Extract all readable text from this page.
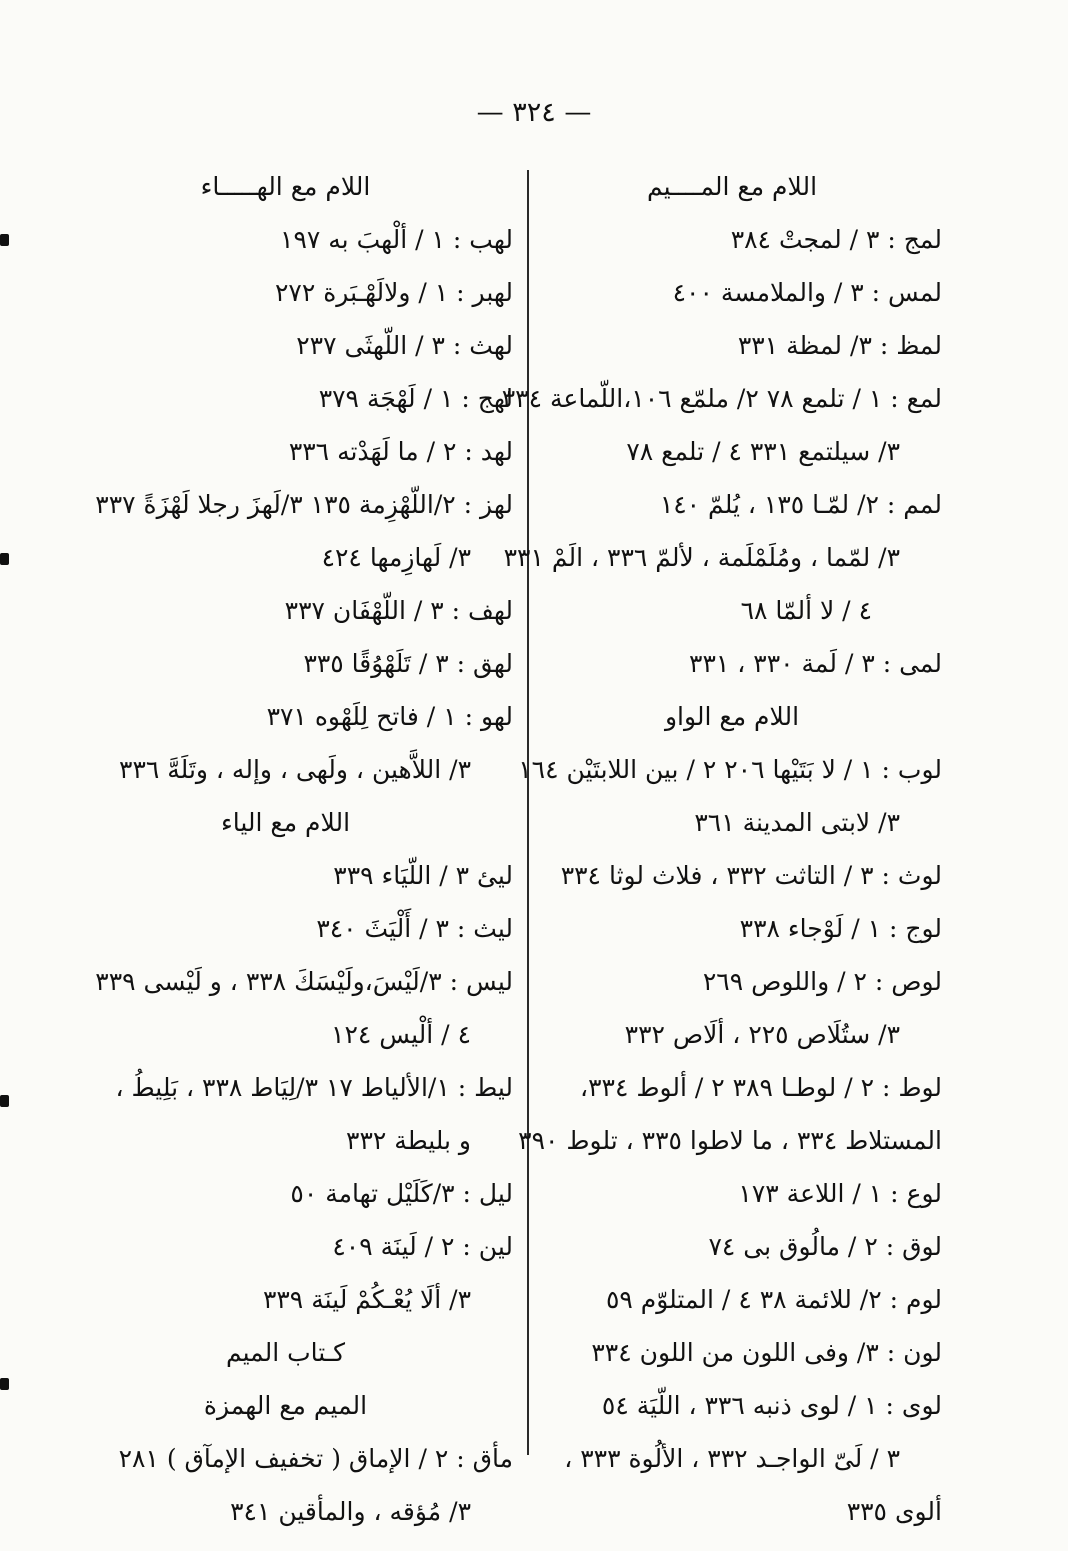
— ٣٢٤ —
اللام مع المــــيم
لمج : ٣ / لمجتْ ٣٨٤
لمس : ٣ / والملامسة ٤٠٠
لمظ : ٣/ لمظة ٣٣١
لمع : ١ / تلمع ٧٨ ٢/ ملمّع ١٠٦،اللّماعة ٣٣٤
٣/ سيلتمع ٣٣١ ٤ / تلمع ٧٨
لمم : ٢/ لمّـا ١٣٥ ، يُلمّ ١٤٠
٣/ لمّما ، ومُلَمْلَمة ، لألمّ ٣٣٦ ، الَمْ ٣٣١
٤ / لا ألمّا ٦٨
لمى : ٣ / لَمة ٣٣٠ ، ٣٣١
اللام مع الواو
لوب : ١ / لا بَتَيْها ٢٠٦ ٢ / بين اللابتَيْن ١٦٤
٣/ لابتى المدينة ٣٦١
لوث : ٣ / التاثت ٣٣٢ ، فلاث لوثا ٣٣٤
لوج : ١ / لَوْجاء ٣٣٨
لوص : ٢ / واللوص ٢٦٩
٣/ ستُلَاص ٢٢٥ ، ألَاص ٣٣٢
لوط : ٢ / لوطـا ٣٨٩ ٢ / ألوط ٣٣٤،
المستلاط ٣٣٤ ، ما لاطوا ٣٣٥ ، تلوط ٣٩٠
لوع : ١ / اللاعة ١٧٣
لوق : ٢ / مالُوق بى ٧٤
لوم : ٢/ للائمة ٣٨ ٤ / المتلوّم ٥٩
لون : ٣/ وفى اللون من اللون ٣٣٤
لوى : ١ / لوى ذنبه ٣٣٦ ، اللّيَة ٥٤
٣ / لَىّ الواجـد ٣٣٢ ، الألُوة ٣٣٣ ،
ألوى ٣٣٥
اللام مع الهـــــاء
لهب : ١ / ألْهبَ به ١٩٧
لهبر : ١ / ولالَهْـبَرة ٢٧٢
لهث : ٣ / اللّهثَى ٢٣٧
لهج : ١ / لَهْجَة ٣٧٩
لهد : ٢ / ما لَهَدْته ٣٣٦
لهز : ٢/اللّهْزِمة ١٣٥ ٣/لَهزَ رجلا لَهْزَةً ٣٣٧
٣/ لَهازِمها ٤٢٤
لهف : ٣ / اللّهْفَان ٣٣٧
لهق : ٣ / تَلَهْوُقًا ٣٣٥
لهو : ١ / فاتح لِلَهْوه ٣٧١
٣/ اللاَّهين ، ولَهى ، وإله ، وتَلَهَّ ٣٣٦
اللام مع الياء
ليئ ٣ / اللّيَاء ٣٣٩
ليث : ٣ / أَلْيَثَ ٣٤٠
ليس : ٣/لَيْسَ،ولَيْسَكَ ٣٣٨ ، و لَيْسى ٣٣٩
٤ / ألْيس ١٢٤
ليط : ١/الألياط ١٧ ٣/لِيَاط ٣٣٨ ، بَلِيطُ ،
و بليطة ٣٣٢
ليل : ٣/كَلَيْل تهامة ٥٠
لين : ٢ / لَينَة ٤٠٩
٣/ ألَا يُعْـكُمْ لَينَة ٣٣٩
كـتاب الميم
الميم مع الهمزة
مأق : ٢ / الإماق ( تخفيف الإمآق ) ٢٨١
٣/ مُؤقه ، والمأقين ٣٤١
